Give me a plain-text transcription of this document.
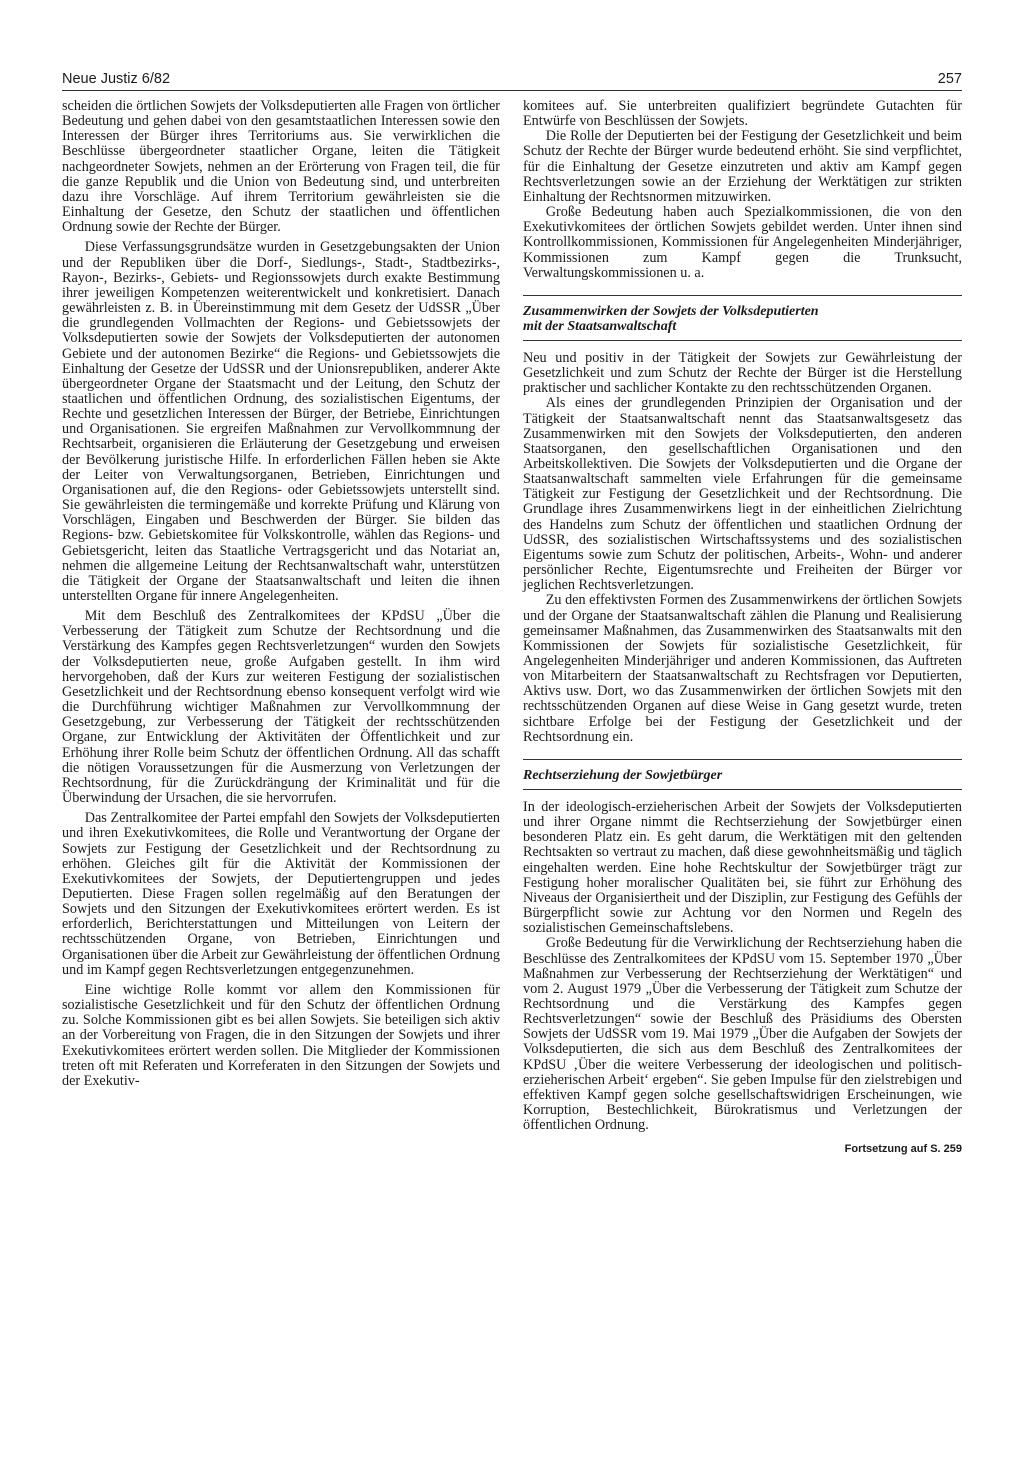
Neue Justiz 6/82	257

scheiden die örtlichen Sowjets der Volksdeputierten alle Fragen von örtlicher Bedeutung und gehen dabei von den gesamtstaatlichen Interessen sowie den Interessen der Bürger ihres Territoriums aus. Sie verwirklichen die Beschlüsse übergeordneter staatlicher Organe, leiten die Tätigkeit nachgeordneter Sowjets, nehmen an der Erörterung von Fragen teil, die für die ganze Republik und die Union von Bedeutung sind, und unterbreiten dazu ihre Vorschläge. Auf ihrem Territorium gewährleisten sie die Einhaltung der Gesetze, den Schutz der staatlichen und öffentlichen Ordnung sowie der Rechte der Bürger.

Diese Verfassungsgrundsätze wurden in Gesetzgebungsakten der Union und der Republiken über die Dorf-, Siedlungs-, Stadt-, Stadtbezirks-, Rayon-, Bezirks-, Gebiets- und Regionssowjets durch exakte Bestimmung ihrer jeweiligen Kompetenzen weiterentwickelt und konkretisiert. Danach gewährleisten z. B. in Übereinstimmung mit dem Gesetz der UdSSR „Über die grundlegenden Vollmachten der Regions- und Gebietssowjets der Volksdeputierten sowie der Sowjets der Volksdeputierten der autonomen Gebiete und der autonomen Bezirke“ die Regions- und Gebietssowjets die Einhaltung der Gesetze der UdSSR und der Unionsrepubliken, anderer Akte übergeordneter Organe der Staatsmacht und der Leitung, den Schutz der staatlichen und öffentlichen Ordnung, des sozialistischen Eigentums, der Rechte und gesetzlichen Interessen der Bürger, der Betriebe, Einrichtungen und Organisationen. Sie ergreifen Maßnahmen zur Vervollkommnung der Rechtsarbeit, organisieren die Erläuterung der Gesetzgebung und erweisen der Bevölkerung juristische Hilfe. In erforderlichen Fällen heben sie Akte der Leiter von Verwaltungsorganen, Betrieben, Einrichtungen und Organisationen auf, die den Regions- oder Gebietssowjets unterstellt sind. Sie gewährleisten die termingemäße und korrekte Prüfung und Klärung von Vorschlägen, Eingaben und Beschwerden der Bürger. Sie bilden das Regions- bzw. Gebietskomitee für Volkskontrolle, wählen das Regions- und Gebietsgericht, leiten das Staatliche Vertragsgericht und das Notariat an, nehmen die allgemeine Leitung der Rechtsanwaltschaft wahr, unterstützen die Tätigkeit der Organe der Staatsanwaltschaft und leiten die ihnen unterstellten Organe für innere Angelegenheiten.

Mit dem Beschluß des Zentralkomitees der KPdSU „Über die Verbesserung der Tätigkeit zum Schutze der Rechtsordnung und die Verstärkung des Kampfes gegen Rechtsverletzungen“ wurden den Sowjets der Volksdeputierten neue, große Aufgaben gestellt. In ihm wird hervorgehoben, daß der Kurs zur weiteren Festigung der sozialistischen Gesetzlichkeit und der Rechtsordnung ebenso konsequent verfolgt wird wie die Durchführung wichtiger Maßnahmen zur Vervollkommnung der Gesetzgebung, zur Verbesserung der Tätigkeit der rechtsschützenden Organe, zur Entwicklung der Aktivitäten der Öffentlichkeit und zur Erhöhung ihrer Rolle beim Schutz der öffentlichen Ordnung. All das schafft die nötigen Voraussetzungen für die Ausmerzung von Verletzungen der Rechtsordnung, für die Zurückdrängung der Kriminalität und für die Überwindung der Ursachen, die sie hervorrufen.

Das Zentralkomitee der Partei empfahl den Sowjets der Volksdeputierten und ihren Exekutivkomitees, die Rolle und Verantwortung der Organe der Sowjets zur Festigung der Gesetzlichkeit und der Rechtsordnung zu erhöhen. Gleiches gilt für die Aktivität der Kommissionen der Exekutivkomitees der Sowjets, der Deputiertengruppen und jedes Deputierten. Diese Fragen sollen regelmäßig auf den Beratungen der Sowjets und den Sitzungen der Exekutivkomitees erörtert werden. Es ist erforderlich, Berichterstattungen und Mitteilungen von Leitern der rechtsschützenden Organe, von Betrieben, Einrichtungen und Organisationen über die Arbeit zur Gewährleistung der öffentlichen Ordnung und im Kampf gegen Rechtsverletzungen entgegenzunehmen.

Eine wichtige Rolle kommt vor allem den Kommissionen für sozialistische Gesetzlichkeit und für den Schutz der öffentlichen Ordnung zu. Solche Kommissionen gibt es bei allen Sowjets. Sie beteiligen sich aktiv an der Vorbereitung von Fragen, die in den Sitzungen der Sowjets und ihrer Exekutivkomitees erörtert werden sollen. Die Mitglieder der Kommissionen treten oft mit Referaten und Korreferaten in den Sitzungen der Sowjets und der Exekutiv-

komitees auf. Sie unterbreiten qualifiziert begründete Gutachten für Entwürfe von Beschlüssen der Sowjets.

Die Rolle der Deputierten bei der Festigung der Gesetzlichkeit und beim Schutz der Rechte der Bürger wurde bedeutend erhöht. Sie sind verpflichtet, für die Einhaltung der Gesetze einzutreten und aktiv am Kampf gegen Rechtsverletzungen sowie an der Erziehung der Werktätigen zur strikten Einhaltung der Rechtsnormen mitzuwirken.

Große Bedeutung haben auch Spezialkommissionen, die von den Exekutivkomitees der örtlichen Sowjets gebildet werden. Unter ihnen sind Kontrollkommissionen, Kommissionen für Angelegenheiten Minderjähriger, Kommissionen zum Kampf gegen die Trunksucht, Verwaltungskommissionen u. a.

Zusammenwirken der Sowjets der Volksdeputierten
mit der Staatsanwaltschaft

Neu und positiv in der Tätigkeit der Sowjets zur Gewährleistung der Gesetzlichkeit und zum Schutz der Rechte der Bürger ist die Herstellung praktischer und sachlicher Kontakte zu den rechtsschützenden Organen.

Als eines der grundlegenden Prinzipien der Organisation und der Tätigkeit der Staatsanwaltschaft nennt das Staatsanwaltsgesetz das Zusammenwirken mit den Sowjets der Volksdeputierten, den anderen Staatsorganen, den gesellschaftlichen Organisationen und den Arbeitskollektiven. Die Sowjets der Volksdeputierten und die Organe der Staatsanwaltschaft sammelten viele Erfahrungen für die gemeinsame Tätigkeit zur Festigung der Gesetzlichkeit und der Rechtsordnung. Die Grundlage ihres Zusammenwirkens liegt in der einheitlichen Zielrichtung des Handelns zum Schutz der öffentlichen und staatlichen Ordnung der UdSSR, des sozialistischen Wirtschaftssystems und des sozialistischen Eigentums sowie zum Schutz der politischen, Arbeits-, Wohn- und anderer persönlicher Rechte, Eigentumsrechte und Freiheiten der Bürger vor jeglichen Rechtsverletzungen.

Zu den effektivsten Formen des Zusammenwirkens der örtlichen Sowjets und der Organe der Staatsanwaltschaft zählen die Planung und Realisierung gemeinsamer Maßnahmen, das Zusammenwirken des Staatsanwalts mit den Kommissionen der Sowjets für sozialistische Gesetzlichkeit, für Angelegenheiten Minderjähriger und anderen Kommissionen, das Auftreten von Mitarbeitern der Staatsanwaltschaft zu Rechtsfragen vor Deputierten, Aktivs usw. Dort, wo das Zusammenwirken der örtlichen Sowjets mit den rechtsschützenden Organen auf diese Weise in Gang gesetzt wurde, treten sichtbare Erfolge bei der Festigung der Gesetzlichkeit und der Rechtsordnung ein.

Rechtserziehung der Sowjetbürger

In der ideologisch-erzieherischen Arbeit der Sowjets der Volksdeputierten und ihrer Organe nimmt die Rechtserziehung der Sowjetbürger einen besonderen Platz ein. Es geht darum, die Werktätigen mit den geltenden Rechtsakten so vertraut zu machen, daß diese gewohnheitsmäßig und täglich eingehalten werden. Eine hohe Rechtskultur der Sowjetbürger trägt zur Festigung hoher moralischer Qualitäten bei, sie führt zur Erhöhung des Niveaus der Organisiertheit und der Disziplin, zur Festigung des Gefühls der Bürgerpflicht sowie zur Achtung vor den Normen und Regeln des sozialistischen Gemeinschaftslebens.

Große Bedeutung für die Verwirklichung der Rechtserziehung haben die Beschlüsse des Zentralkomitees der KPdSU vom 15. September 1970 „Über Maßnahmen zur Verbesserung der Rechtserziehung der Werktätigen“ und vom 2. August 1979 „Über die Verbesserung der Tätigkeit zum Schutze der Rechtsordnung und die Verstärkung des Kampfes gegen Rechtsverletzungen“ sowie der Beschluß des Präsidiums des Obersten Sowjets der UdSSR vom 19. Mai 1979 „Über die Aufgaben der Sowjets der Volksdeputierten, die sich aus dem Beschluß des Zentralkomitees der KPdSU ‚Über die weitere Verbesserung der ideologischen und politisch-erzieherischen Arbeit‘ ergeben“. Sie geben Impulse für den zielstrebigen und effektiven Kampf gegen solche gesellschaftswidrigen Erscheinungen, wie Korruption, Bestechlichkeit, Bürokratismus und Verletzungen der öffentlichen Ordnung.

Fortsetzung auf S. 259
